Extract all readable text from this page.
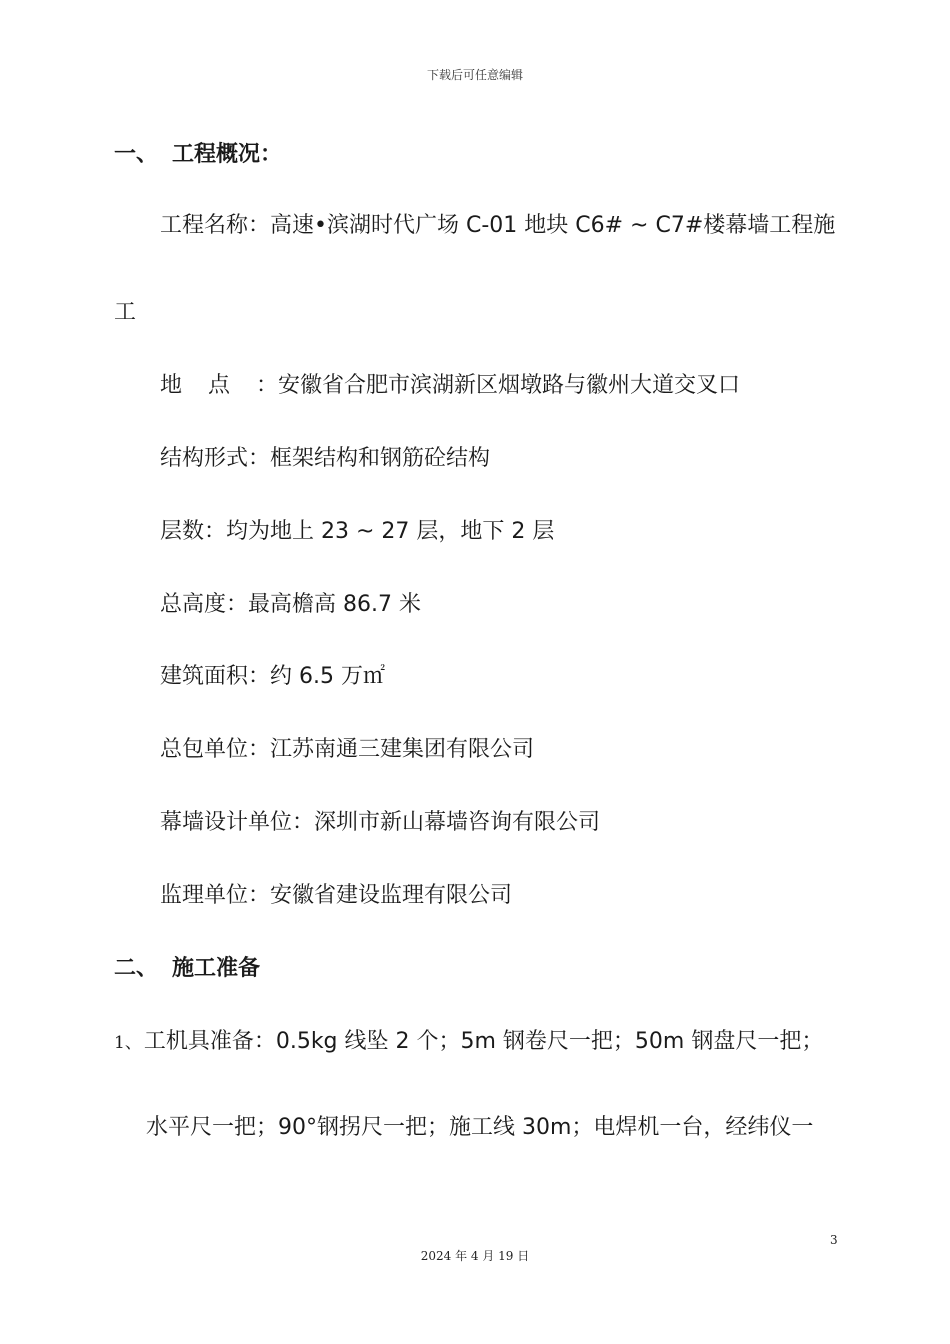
下载后可任意编辑
一、 工程概况：
工程名称：高速•滨湖时代广场 C-01 地块 C6# ~ C7#楼幕墙工程施
工
地点：安徽省合肥市滨湖新区烟墩路与徽州大道交叉口
结构形式：框架结构和钢筋砼结构
层数：均为地上 23 ~ 27 层，地下 2 层
总高度：最高檐高 86.7 米
建筑面积：约 6.5 万㎡
总包单位：江苏南通三建集团有限公司
幕墙设计单位：深圳市新山幕墙咨询有限公司
监理单位：安徽省建设监理有限公司
二、 施工准备
1、工机具准备：0.5kg 线坠 2 个；5m 钢卷尺一把；50m 钢盘尺一把；
水平尺一把；90°钢拐尺一把；施工线 30m；电焊机一台，经纬仪一
3
2024 年 4 月 19 日
